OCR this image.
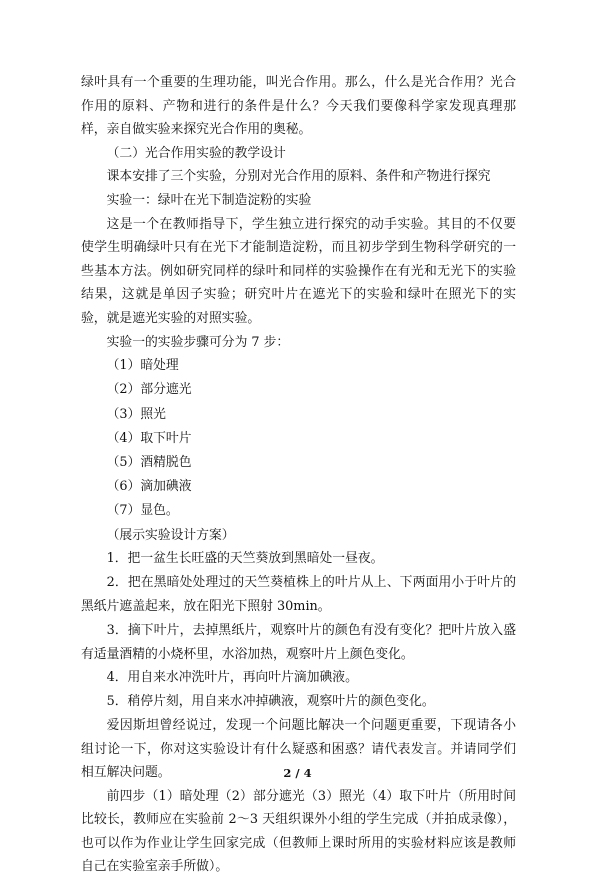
绿叶具有一个重要的生理功能，叫光合作用。那么，什么是光合作用？光合作用的原料、产物和进行的条件是什么？今天我们要像科学家发现真理那样，亲自做实验来探究光合作用的奥秘。

（二）光合作用实验的教学设计

课本安排了三个实验，分别对光合作用的原料、条件和产物进行探究

实验一：绿叶在光下制造淀粉的实验

这是一个在教师指导下，学生独立进行探究的动手实验。其目的不仅要使学生明确绿叶只有在光下才能制造淀粉，而且初步学到生物科学研究的一些基本方法。例如研究同样的绿叶和同样的实验操作在有光和无光下的实验结果，这就是单因子实验；研究叶片在遮光下的实验和绿叶在照光下的实验，就是遮光实验的对照实验。

实验一的实验步骤可分为 7 步：

（1）暗处理

（2）部分遮光

（3）照光

（4）取下叶片

（5）酒精脱色

（6）滴加碘液

（7）显色。

（展示实验设计方案）

1．把一盆生长旺盛的天竺葵放到黑暗处一昼夜。

2．把在黑暗处处理过的天竺葵植株上的叶片从上、下两面用小于叶片的黑纸片遮盖起来，放在阳光下照射 30min。

3．摘下叶片，去掉黑纸片，观察叶片的颜色有没有变化？把叶片放入盛有适量酒精的小烧杯里，水浴加热，观察叶片上颜色变化。

4．用自来水冲洗叶片，再向叶片滴加碘液。

5．稍停片刻，用自来水冲掉碘液，观察叶片的颜色变化。

爱因斯坦曾经说过，发现一个问题比解决一个问题更重要，下现请各小组讨论一下，你对这实验设计有什么疑惑和困惑？请代表发言。并请同学们相互解决问题。

前四步（1）暗处理（2）部分遮光（3）照光（4）取下叶片（所用时间比较长，教师应在实验前 2～3 天组织课外小组的学生完成（并拍成录像），也可以作为作业让学生回家完成（但教师上课时所用的实验材料应该是教师自己在实验室亲手所做）。

2 / 4
